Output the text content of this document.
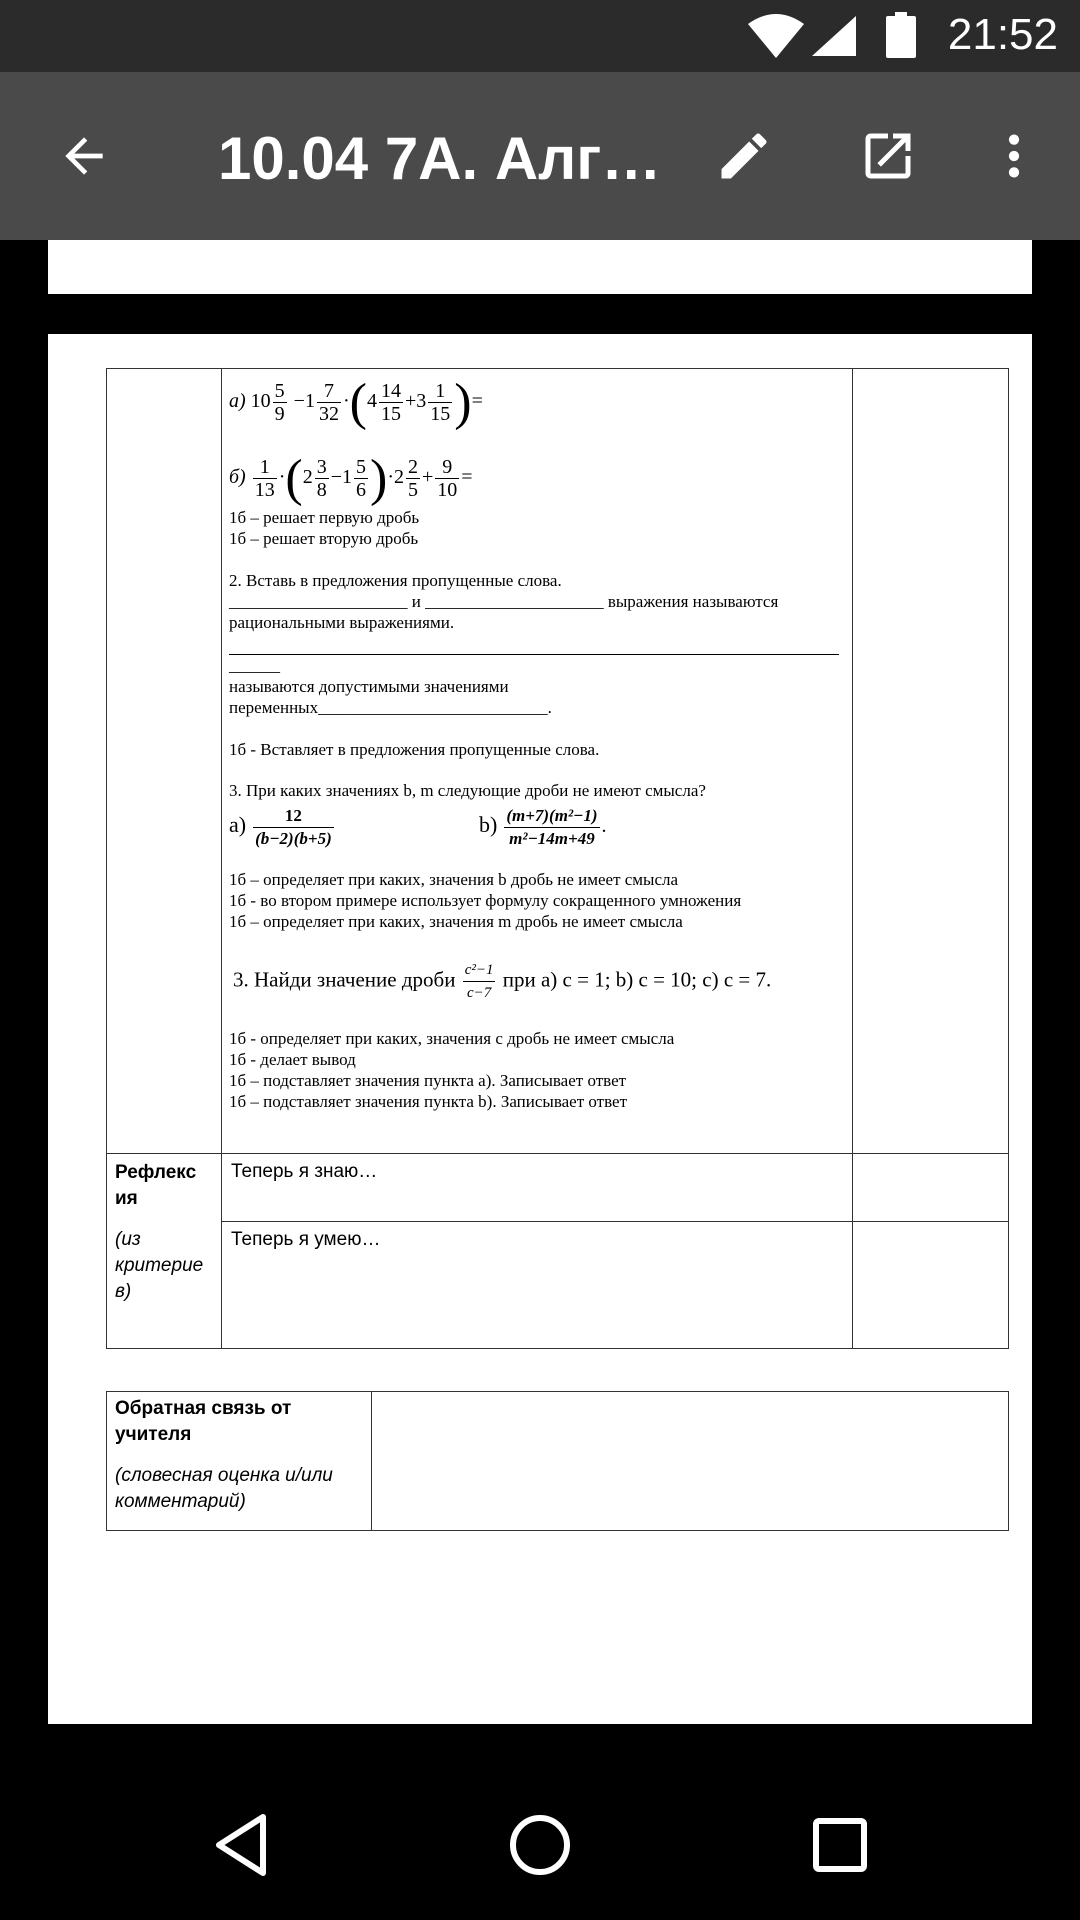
21:52
10.04 7А. Алг…
а) $10 \frac{5}{9} -1 \frac{7}{32} \cdot(4 \frac{14}{15} +3 \frac{1}{15}$ )=
$б) \frac{1}{13} \cdot(2 \frac{3}{8} -1 \frac{5}{6} )\cdot 2 \frac{2}{5} + \frac{9}{10}$ =
1б – решает первую дробь
1б – решает вторую дробь
2. Вставь в предложения пропущенные слова.
_____________________ и _____________________ выражения называются
рациональными выражениями.
______
называются допустимыми значениями
переменных___________________________.
1б - Вставляет в предложения пропущенные слова.
3. При каких значениях b, m следующие дроби не имеют смысла?
$a) \frac{12}{(b-2)(b+5)}$	$b) \frac{\text{(m+7)(m²−1)}}{\text{m²−14m+49}}$ .
1б – определяет при каких, значения b дробь не имеет смысла
1б - во втором примере использует формулу сокращенного умножения
1б – определяет при каких, значения m дробь не имеет смысла
3. Найди значение дроби $\frac{\text{c²−1}}{c-7}$ при a) c = 1; b) c = 10; c) c = 7.
1б - определяет при каких, значения с дробь не имеет смысла
1б - делает вывод
1б – подставляет значения пункта а). Записывает ответ
1б – подставляет значения пункта b). Записывает ответ
Рефлекс
ия
(из
критерие
в)
Теперь я знаю…
Теперь я умею…
Обратная связь от
учителя
(словесная оценка и/или
комментарий)
